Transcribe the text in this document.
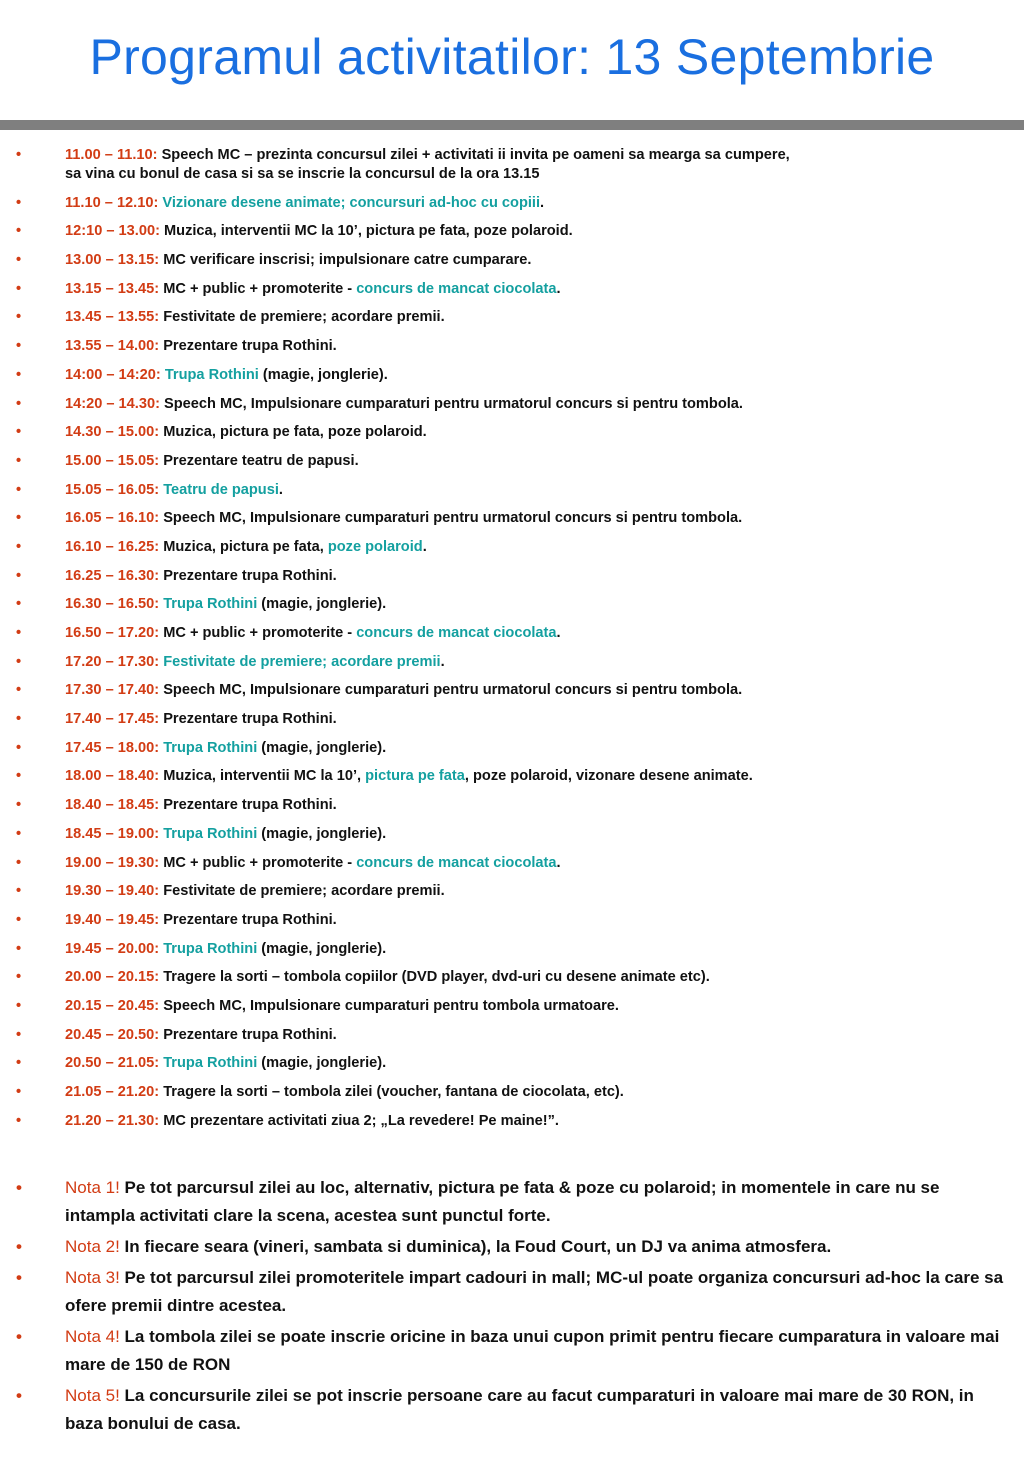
Programul activitatilor: 13 Septembrie
•	11.00 – 11.10: Speech MC – prezinta concursul zilei + activitati ii invita pe oameni sa mearga sa cumpere,
sa vina cu bonul de casa si sa se inscrie la concursul de la ora 13.15
•	11.10 – 12.10: Vizionare desene animate; concursuri ad-hoc cu copiii.
•	12:10 – 13.00: Muzica, interventii MC la 10’, pictura pe fata, poze polaroid.
•	13.00 – 13.15: MC verificare inscrisi; impulsionare catre cumparare.
•	13.15 – 13.45: MC + public + promoterite - concurs de mancat ciocolata.
•	13.45 – 13.55: Festivitate de premiere; acordare premii.
•	13.55 – 14.00: Prezentare trupa Rothini.
•	14:00 – 14:20: Trupa Rothini (magie, jonglerie).
•	14:20 – 14.30: Speech MC, Impulsionare cumparaturi pentru urmatorul concurs si pentru tombola.
•	14.30 – 15.00: Muzica, pictura pe fata, poze polaroid.
•	15.00 – 15.05: Prezentare teatru de papusi.
•	15.05 – 16.05: Teatru de papusi.
•	16.05 – 16.10: Speech MC, Impulsionare cumparaturi pentru urmatorul concurs si pentru tombola.
•	16.10 – 16.25: Muzica, pictura pe fata, poze polaroid.
•	16.25 – 16.30: Prezentare trupa Rothini.
•	16.30 – 16.50: Trupa Rothini (magie, jonglerie).
•	16.50 – 17.20: MC + public + promoterite - concurs de mancat ciocolata.
•	17.20 – 17.30: Festivitate de premiere; acordare premii.
•	17.30 – 17.40: Speech MC, Impulsionare cumparaturi pentru urmatorul concurs si pentru tombola.
•	17.40 – 17.45: Prezentare trupa Rothini.
•	17.45 – 18.00: Trupa Rothini (magie, jonglerie).
•	18.00 – 18.40: Muzica, interventii MC la 10’, pictura pe fata, poze polaroid, vizonare desene animate.
•	18.40 – 18.45: Prezentare trupa Rothini.
•	18.45 – 19.00: Trupa Rothini (magie, jonglerie).
•	19.00 – 19.30: MC + public + promoterite - concurs de mancat ciocolata.
•	19.30 – 19.40: Festivitate de premiere; acordare premii.
•	19.40 – 19.45: Prezentare trupa Rothini.
•	19.45 – 20.00: Trupa Rothini (magie, jonglerie).
•	20.00 – 20.15: Tragere la sorti – tombola copiilor (DVD player, dvd-uri cu desene animate etc).
•	20.15 – 20.45: Speech MC, Impulsionare cumparaturi pentru tombola urmatoare.
•	20.45 – 20.50: Prezentare trupa Rothini.
•	20.50 – 21.05: Trupa Rothini (magie, jonglerie).
•	21.05 – 21.20: Tragere la sorti – tombola zilei (voucher, fantana de ciocolata, etc).
•	21.20 – 21.30: MC prezentare activitati ziua 2; „La revedere! Pe maine!”.
•	Nota 1! Pe tot parcursul zilei au loc, alternativ, pictura pe fata & poze cu polaroid; in momentele in care nu se intampla activitati clare la scena, acestea sunt punctul forte.
•	Nota 2! In fiecare seara (vineri, sambata si duminica), la Foud Court, un DJ va anima atmosfera.
•	Nota 3! Pe tot parcursul zilei promoteritele impart cadouri in mall; MC-ul poate organiza concursuri ad-hoc la care sa ofere premii dintre acestea.
•	Nota 4! La tombola zilei se poate inscrie oricine in baza unui cupon primit pentru fiecare cumparatura in valoare mai mare de 150 de RON
•	Nota 5! La concursurile zilei se pot inscrie persoane care au facut cumparaturi in valoare mai mare de 30 RON, in baza bonului de casa.
